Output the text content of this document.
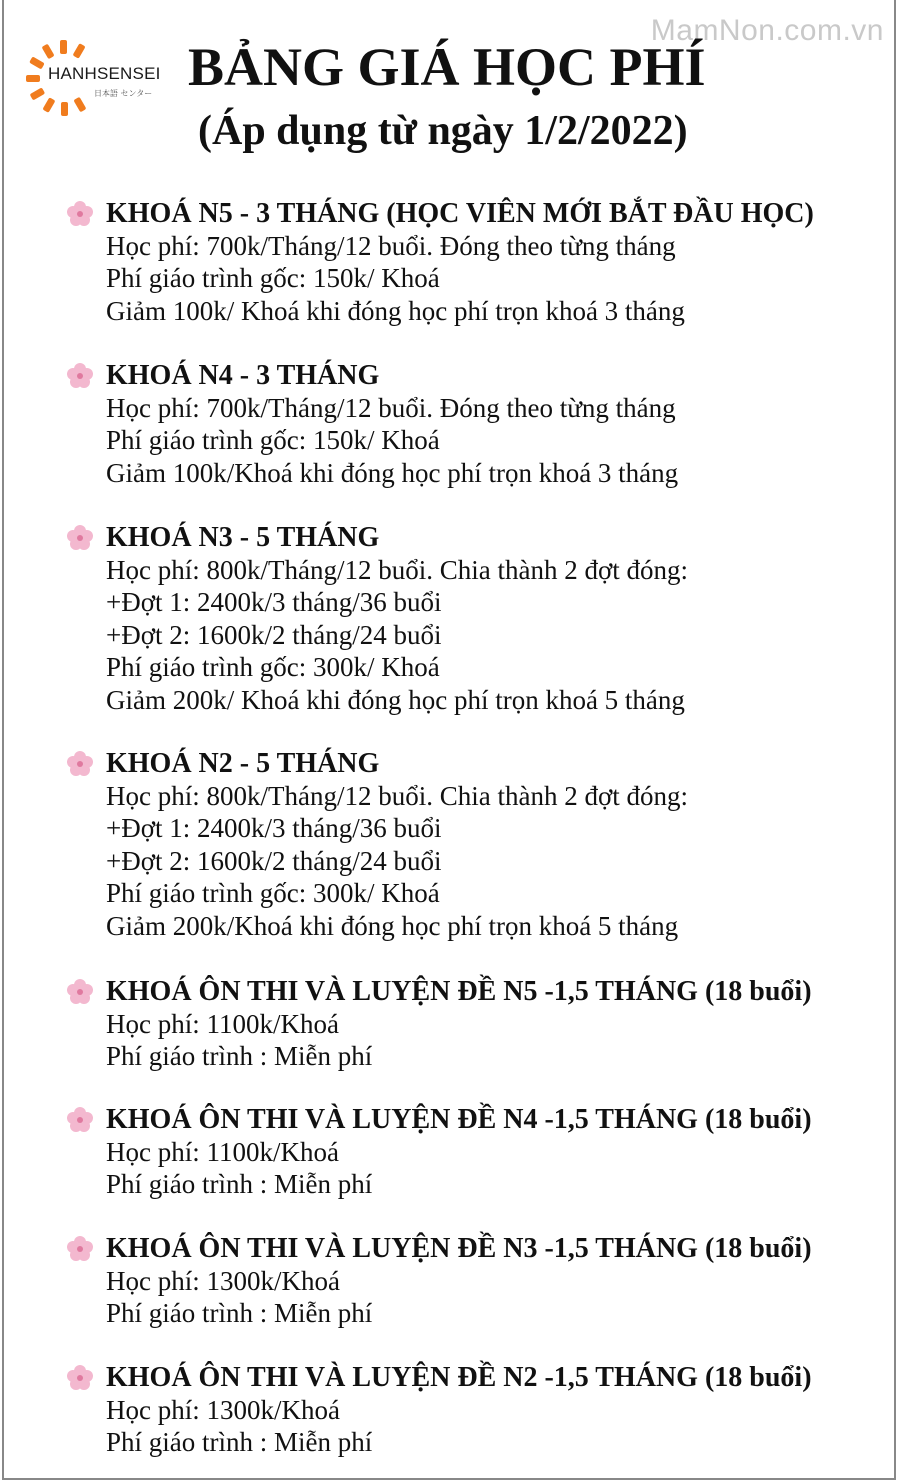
MamNon.com.vn
HANHSENSEI
日本語 センター BẢNG GIÁ HỌC PHÍ
(Áp dụng từ ngày 1/2/2022)
KHOÁ N5 - 3 THÁNG (HỌC VIÊN MỚI BẮT ĐẦU HỌC)
Học phí: 700k/Tháng/12 buổi. Đóng theo từng tháng
Phí giáo trình gốc: 150k/ Khoá
Giảm 100k/ Khoá khi đóng học phí trọn khoá 3 tháng
KHOÁ N4 - 3 THÁNG
Học phí: 700k/Tháng/12 buổi. Đóng theo từng tháng
Phí giáo trình gốc: 150k/ Khoá
Giảm 100k/Khoá khi đóng học phí trọn khoá 3 tháng
KHOÁ N3 - 5 THÁNG
Học phí: 800k/Tháng/12 buổi. Chia thành 2 đợt đóng:
+Đợt 1: 2400k/3 tháng/36 buổi
+Đợt 2: 1600k/2 tháng/24 buổi
Phí giáo trình gốc: 300k/ Khoá
Giảm 200k/ Khoá khi đóng học phí trọn khoá 5 tháng
KHOÁ N2 - 5 THÁNG
Học phí: 800k/Tháng/12 buổi. Chia thành 2 đợt đóng:
+Đợt 1: 2400k/3 tháng/36 buổi
+Đợt 2: 1600k/2 tháng/24 buổi
Phí giáo trình gốc: 300k/ Khoá
Giảm 200k/Khoá khi đóng học phí trọn khoá 5 tháng
KHOÁ ÔN THI VÀ LUYỆN ĐỀ N5 -1,5 THÁNG (18 buổi)
Học phí: 1100k/Khoá
Phí giáo trình : Miễn phí
KHOÁ ÔN THI VÀ LUYỆN ĐỀ N4 -1,5 THÁNG (18 buổi)
Học phí: 1100k/Khoá
Phí giáo trình : Miễn phí
KHOÁ ÔN THI VÀ LUYỆN ĐỀ N3 -1,5 THÁNG (18 buổi)
Học phí: 1300k/Khoá
Phí giáo trình : Miễn phí
KHOÁ ÔN THI VÀ LUYỆN ĐỀ N2 -1,5 THÁNG (18 buổi)
Học phí: 1300k/Khoá
Phí giáo trình : Miễn phí
